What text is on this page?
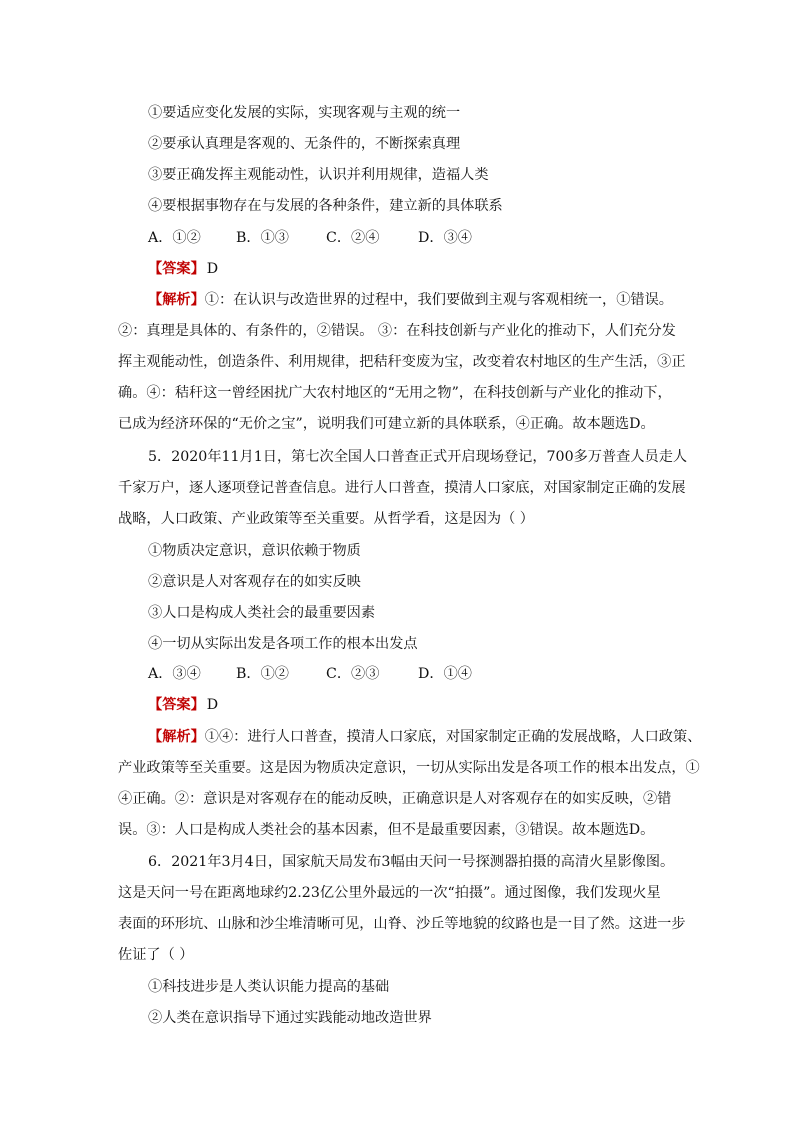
①要适应变化发展的实际，实现客观与主观的统一
②要承认真理是客观的、无条件的，不断探索真理
③要正确发挥主观能动性，认识并利用规律，造福人类
④要根据事物存在与发展的各种条件，建立新的具体联系
A．①② B．①③	C．②④	D．③④
【答案】 D
【解析】①：在认识与改造世界的过程中，我们要做到主观与客观相统一，①错误。
②：真理是具体的、有条件的，②错误。 ③：在科技创新与产业化的推动下，人们充分发
挥主观能动性，创造条件、利用规律，把秸秆变废为宝，改变着农村地区的生产生活，③正
确。④：秸秆这一曾经困扰广大农村地区的“无用之物”，在科技创新与产业化的推动下，
已成为经济环保的“无价之宝”，说明我们可建立新的具体联系，④正确。故本题选D。
5．2020年11月1日，第七次全国人口普查正式开启现场登记，700多万普查人员走人
千家万户，逐人逐项登记普查信息。进行人口普查，摸清人口家底，对国家制定正确的发展
战略，人口政策、产业政策等至关重要。从哲学看，这是因为（ ）
①物质决定意识，意识依赖于物质
②意识是人对客观存在的如实反映
③人口是构成人类社会的最重要因素
④一切从实际出发是各项工作的根本出发点
A．③④ B．①②	C．②③	D．①④
【答案】 D
【解析】①④：进行人口普查，摸清人口家底，对国家制定正确的发展战略，人口政策、
产业政策等至关重要。这是因为物质决定意识，一切从实际出发是各项工作的根本出发点，①
④正确。②：意识是对客观存在的能动反映，正确意识是人对客观存在的如实反映，②错
误。③：人口是构成人类社会的基本因素，但不是最重要因素，③错误。故本题选D。
6．2021年3月4日，国家航天局发布3幅由天问一号探测器拍摄的高清火星影像图。
这是天问一号在距离地球约2.23亿公里外最远的一次“拍摄”。通过图像，我们发现火星
表面的环形坑、山脉和沙尘堆清晰可见，山脊、沙丘等地貌的纹路也是一目了然。这进一步
佐证了（ ）
①科技进步是人类认识能力提高的基础
②人类在意识指导下通过实践能动地改造世界
